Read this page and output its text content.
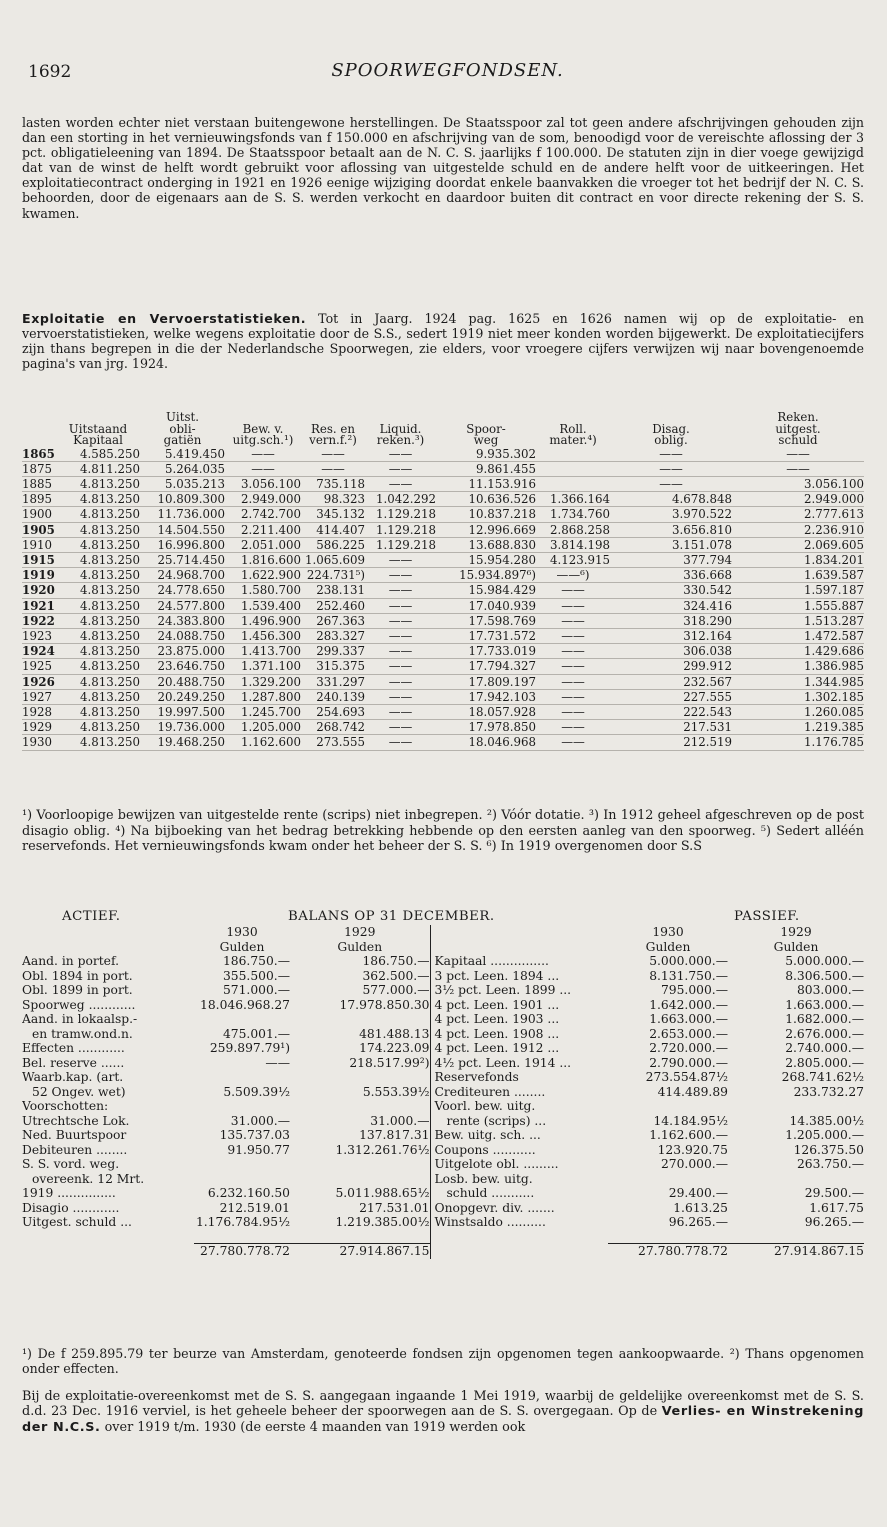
1692	SPOORWEGFONDSEN.

lasten worden echter niet verstaan buitengewone herstellingen. De Staatsspoor zal tot geen andere afschrijvingen gehouden zijn dan een storting in het vernieuwingsfonds van f 150.000 en afschrijving van de som, benoodigd voor de vereischte aflossing der 3 pct. obligatieleening van 1894. De Staatsspoor betaalt aan de N. C. S. jaarlijks f 100.000. De statuten zijn in dier voege gewijzigd dat van de winst de helft wordt gebruikt voor aflossing van uitgestelde schuld en de andere helft voor de uitkeeringen. Het exploitatiecontract onderging in 1921 en 1926 eenige wijziging doordat enkele baanvakken die vroeger tot het bedrijf der N. C. S. behoorden, door de eigenaars aan de S. S. werden verkocht en daardoor buiten dit contract en voor directe rekening der S. S. kwamen.

Exploitatie en Vervoerstatistieken. Tot in Jaarg. 1924 pag. 1625 en 1626 namen wij op de exploitatie- en vervoerstatistieken, welke wegens exploitatie door de S.S., sedert 1919 niet meer konden worden bijgewerkt. De exploitatiecijfers zijn thans begrepen in die der Nederlandsche Spoorwegen, zie elders, voor vroegere cijfers verwijzen wij naar bovengenoemde pagina's van jrg. 1924.

		Uitst.							Reken.
	Uitstaand	obli-	Bew. v.	Res. en	Liquid.	Spoor-	Roll.	Disag.	uitgest.
	Kapitaal	gatiën	uitg.sch.¹)	vern.f.²)	reken.³)	weg	mater.⁴)	oblig.	schuld
1865	4.585.250	5.419.450	——	——	——	9.935.302		——	——
1875	4.811.250	5.264.035	——	——	——	9.861.455		——	——
1885	4.813.250	5.035.213	3.056.100	735.118	——	11.153.916		——	3.056.100
1895	4.813.250	10.809.300	2.949.000	98.323	1.042.292	10.636.526	1.366.164	4.678.848	2.949.000
1900	4.813.250	11.736.000	2.742.700	345.132	1.129.218	10.837.218	1.734.760	3.970.522	2.777.613
1905	4.813.250	14.504.550	2.211.400	414.407	1.129.218	12.996.669	2.868.258	3.656.810	2.236.910
1910	4.813.250	16.996.800	2.051.000	586.225	1.129.218	13.688.830	3.814.198	3.151.078	2.069.605
1915	4.813.250	25.714.450	1.816.600	1.065.609	——	15.954.280	4.123.915	377.794	1.834.201
1919	4.813.250	24.968.700	1.622.900	224.731⁵)	——	15.934.897⁶)	——⁶)	336.668	1.639.587
1920	4.813.250	24.778.650	1.580.700	238.131	——	15.984.429	——	330.542	1.597.187
1921	4.813.250	24.577.800	1.539.400	252.460	——	17.040.939	——	324.416	1.555.887
1922	4.813.250	24.383.800	1.496.900	267.363	——	17.598.769	——	318.290	1.513.287
1923	4.813.250	24.088.750	1.456.300	283.327	——	17.731.572	——	312.164	1.472.587
1924	4.813.250	23.875.000	1.413.700	299.337	——	17.733.019	——	306.038	1.429.686
1925	4.813.250	23.646.750	1.371.100	315.375	——	17.794.327	——	299.912	1.386.985
1926	4.813.250	20.488.750	1.329.200	331.297	——	17.809.197	——	232.567	1.344.985
1927	4.813.250	20.249.250	1.287.800	240.139	——	17.942.103	——	227.555	1.302.185
1928	4.813.250	19.997.500	1.245.700	254.693	——	18.057.928	——	222.543	1.260.085
1929	4.813.250	19.736.000	1.205.000	268.742	——	17.978.850	——	217.531	1.219.385
1930	4.813.250	19.468.250	1.162.600	273.555	——	18.046.968	——	212.519	1.176.785

¹) Voorloopige bewijzen van uitgestelde rente (scrips) niet inbegrepen. ²) Vóór dotatie. ³) In 1912 geheel afgeschreven op de post disagio oblig. ⁴) Na bijboeking van het bedrag betrekking hebbende op den eersten aanleg van den spoorweg. ⁵) Sedert alléén reservefonds. Het vernieuwingsfonds kwam onder het beheer der S. S. ⁶) In 1919 overgenomen door S.S

ACTIEF.	BALANS OP 31 DECEMBER.	PASSIEF.
	1930	1929		1930	1929
	Gulden	Gulden		Gulden	Gulden
Aand. in portef.	186.750.—	186.750.—	Kapitaal ...............	5.000.000.—	5.000.000.—
Obl. 1894 in port.	355.500.—	362.500.—	3 pct. Leen. 1894 ...	8.131.750.—	8.306.500.—
Obl. 1899 in port.	571.000.—	577.000.—	3½ pct. Leen. 1899 ...	795.000.—	803.000.—
Spoorweg ............	18.046.968.27	17.978.850.30	4 pct. Leen. 1901 ...	1.642.000.—	1.663.000.—
Aand. in lokaalsp.-			4 pct. Leen. 1903 ...	1.663.000.—	1.682.000.—
en tramw.ond.n.	475.001.—	481.488.13	4 pct. Leen. 1908 ...	2.653.000.—	2.676.000.—
Effecten ............	259.897.79¹)	174.223.09	4 pct. Leen. 1912 ...	2.720.000.—	2.740.000.—
Bel. reserve ......	——	218.517.99²)	4½ pct. Leen. 1914 ...	2.790.000.—	2.805.000.—
Waarb.kap. (art.			Reservefonds	273.554.87½	268.741.62½
52 Ongev. wet)	5.509.39½	5.553.39½	Crediteuren ........	414.489.89	233.732.27
Voorschotten:			Voorl. bew. uitg.		
Utrechtsche Lok.	31.000.—	31.000.—	rente (scrips) ...	14.184.95½	14.385.00½
Ned. Buurtspoor	135.737.03	137.817.31	Bew. uitg. sch. ...	1.162.600.—	1.205.000.—
Debiteuren ........	91.950.77	1.312.261.76½	Coupons ...........	123.920.75	126.375.50
S. S. vord. weg.			Uitgelote obl. .........	270.000.—	263.750.—
overeenk. 12 Mrt.			Losb. bew. uitg.		
1919 ...............	6.232.160.50	5.011.988.65½	schuld ...........	29.400.—	29.500.—
Disagio ............	212.519.01	217.531.01	Onopgevr. div. .......	1.613.25	1.617.75
Uitgest. schuld ...	1.176.784.95½	1.219.385.00½	Winstsaldo ..........	96.265.—	96.265.—

	27.780.778.72	27.914.867.15		27.780.778.72	27.914.867.15

¹) De f 259.895.79 ter beurze van Amsterdam, genoteerde fondsen zijn opgenomen tegen aankoopwaarde. ²) Thans opgenomen onder effecten.

Bij de exploitatie-overeenkomst met de S. S. aangegaan ingaande 1 Mei 1919, waarbij de geldelijke overeenkomst met de S. S. d.d. 23 Dec. 1916 verviel, is het geheele beheer der spoorwegen aan de S. S. overgegaan. Op de Verlies- en Winstrekening der N.C.S. over 1919 t/m. 1930 (de eerste 4 maanden van 1919 werden ook
